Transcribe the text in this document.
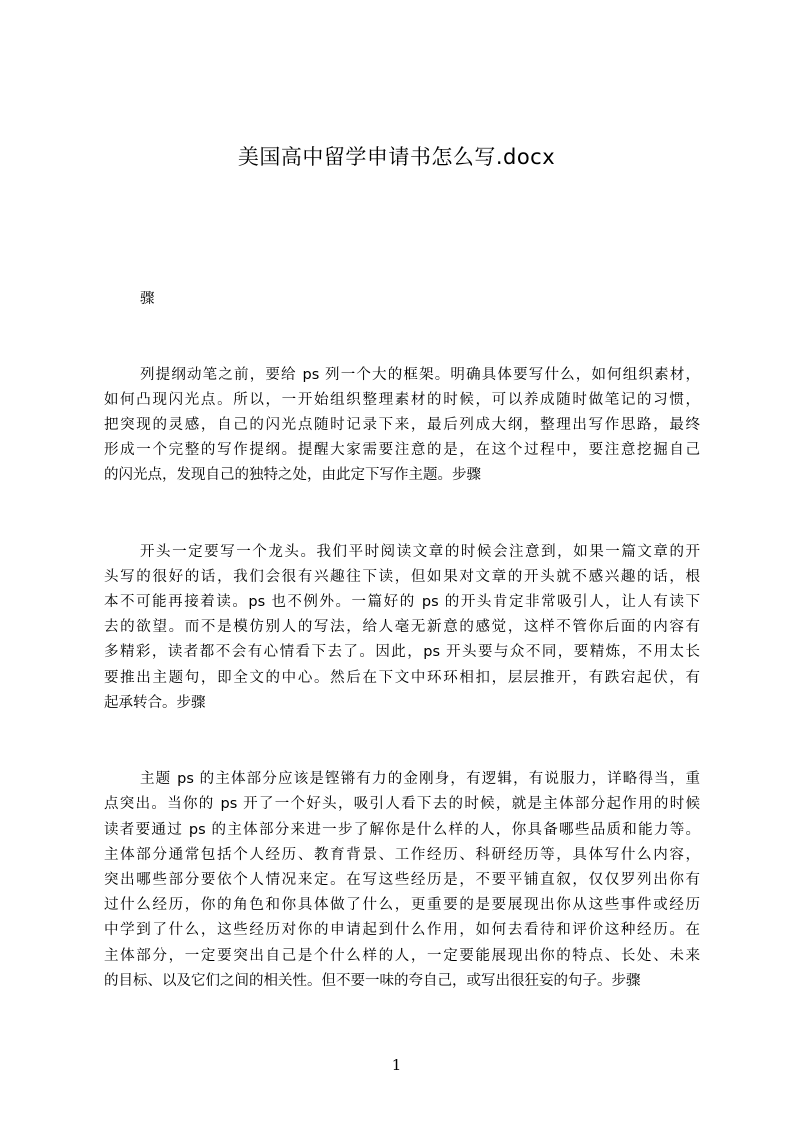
美国高中留学申请书怎么写.docx
骤
列提纲动笔之前，要给 ps 列一个大的框架。明确具体要写什么，如何组织素材，
如何凸现闪光点。所以，一开始组织整理素材的时候，可以养成随时做笔记的习惯，
把突现的灵感，自己的闪光点随时记录下来，最后列成大纲，整理出写作思路，最终
形成一个完整的写作提纲。提醒大家需要注意的是，在这个过程中，要注意挖掘自己
的闪光点，发现自己的独特之处，由此定下写作主题。步骤
开头一定要写一个龙头。我们平时阅读文章的时候会注意到，如果一篇文章的开
头写的很好的话，我们会很有兴趣往下读，但如果对文章的开头就不感兴趣的话，根
本不可能再接着读。ps 也不例外。一篇好的 ps 的开头肯定非常吸引人，让人有读下
去的欲望。而不是模仿别人的写法，给人毫无新意的感觉，这样不管你后面的内容有
多精彩，读者都不会有心情看下去了。因此，ps 开头要与众不同，要精炼，不用太长
要推出主题句，即全文的中心。然后在下文中环环相扣，层层推开，有跌宕起伏，有
起承转合。步骤
主题 ps 的主体部分应该是铿锵有力的金刚身，有逻辑，有说服力，详略得当，重
点突出。当你的 ps 开了一个好头，吸引人看下去的时候，就是主体部分起作用的时候
读者要通过 ps 的主体部分来进一步了解你是什么样的人，你具备哪些品质和能力等。
主体部分通常包括个人经历、教育背景、工作经历、科研经历等，具体写什么内容，
突出哪些部分要依个人情况来定。在写这些经历是，不要平铺直叙，仅仅罗列出你有
过什么经历，你的角色和你具体做了什么，更重要的是要展现出你从这些事件或经历
中学到了什么，这些经历对你的申请起到什么作用，如何去看待和评价这种经历。在
主体部分，一定要突出自己是个什么样的人，一定要能展现出你的特点、长处、未来
的目标、以及它们之间的相关性。但不要一味的夸自己，或写出很狂妄的句子。步骤
1
